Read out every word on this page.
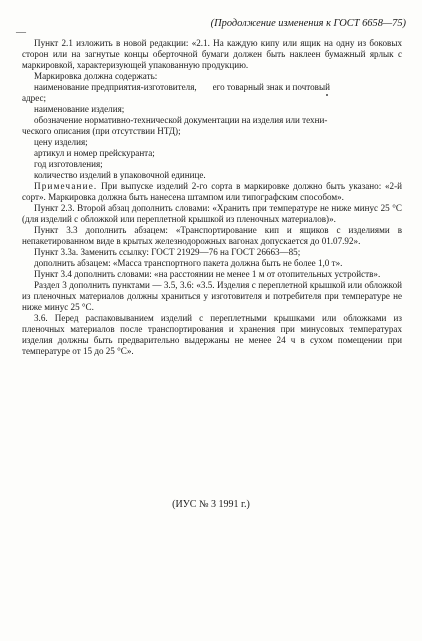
—
(Продолжение изменения к ГОСТ 6658—75)

Пункт 2.1 изложить в новой редакции: «2.1. На каждую кипу или ящик на одну из боковых сторон или на загнутые концы оберточной бумаги должен быть наклеен бумажный ярлык с маркировкой, характеризующей упакованную продукцию.

Маркировка должна содержать:

наименование предприятия-изготовителя,       его товарный знак и почтовый

адрес;

наименование изделия;

обозначение нормативно-технической документации на изделия или техни-

ческого описания (при отсутствии НТД);

цену изделия;

артикул и номер прейскуранта;

год изготовления;

количество изделий в упаковочной единице.

Примечание. При выпуске изделий 2-го сорта в маркировке должно быть указано: «2-й сорт». Маркировка должна быть нанесена штампом или типографским способом».

Пункт 2.3. Второй абзац дополнить словами: «Хранить при температуре не ниже минус 25 °С (для изделий с обложкой или переплетной крышкой из пленочных материалов)».

Пункт 3.3 дополнить абзацем: «Транспортирование кип и ящиков с изделиями в непакетированном виде в крытых железнодорожных вагонах допускается до 01.07.92».

Пункт 3.3а. Заменить ссылку: ГОСТ 21929—76 на ГОСТ 26663—85;

дополнить абзацем: «Масса транспортного пакета должна быть не более 1,0 т».

Пункт 3.4 дополнить словами: «на расстоянии не менее 1 м от отопительных устройств».

Раздел 3 дополнить пунктами — 3.5, 3.6: «3.5. Изделия с переплетной крышкой или обложкой из пленочных материалов должны храниться у изготовителя и потребителя при температуре не ниже минус 25 °С.

3.6. Перед распаковыванием изделий с переплетными крышками или обложками из пленочных материалов после транспортирования и хранения при минусовых температурах изделия должны быть предварительно выдержаны не менее 24 ч в сухом помещении при температуре от 15 до 25 °С».

(ИУС № 3 1991 г.)
